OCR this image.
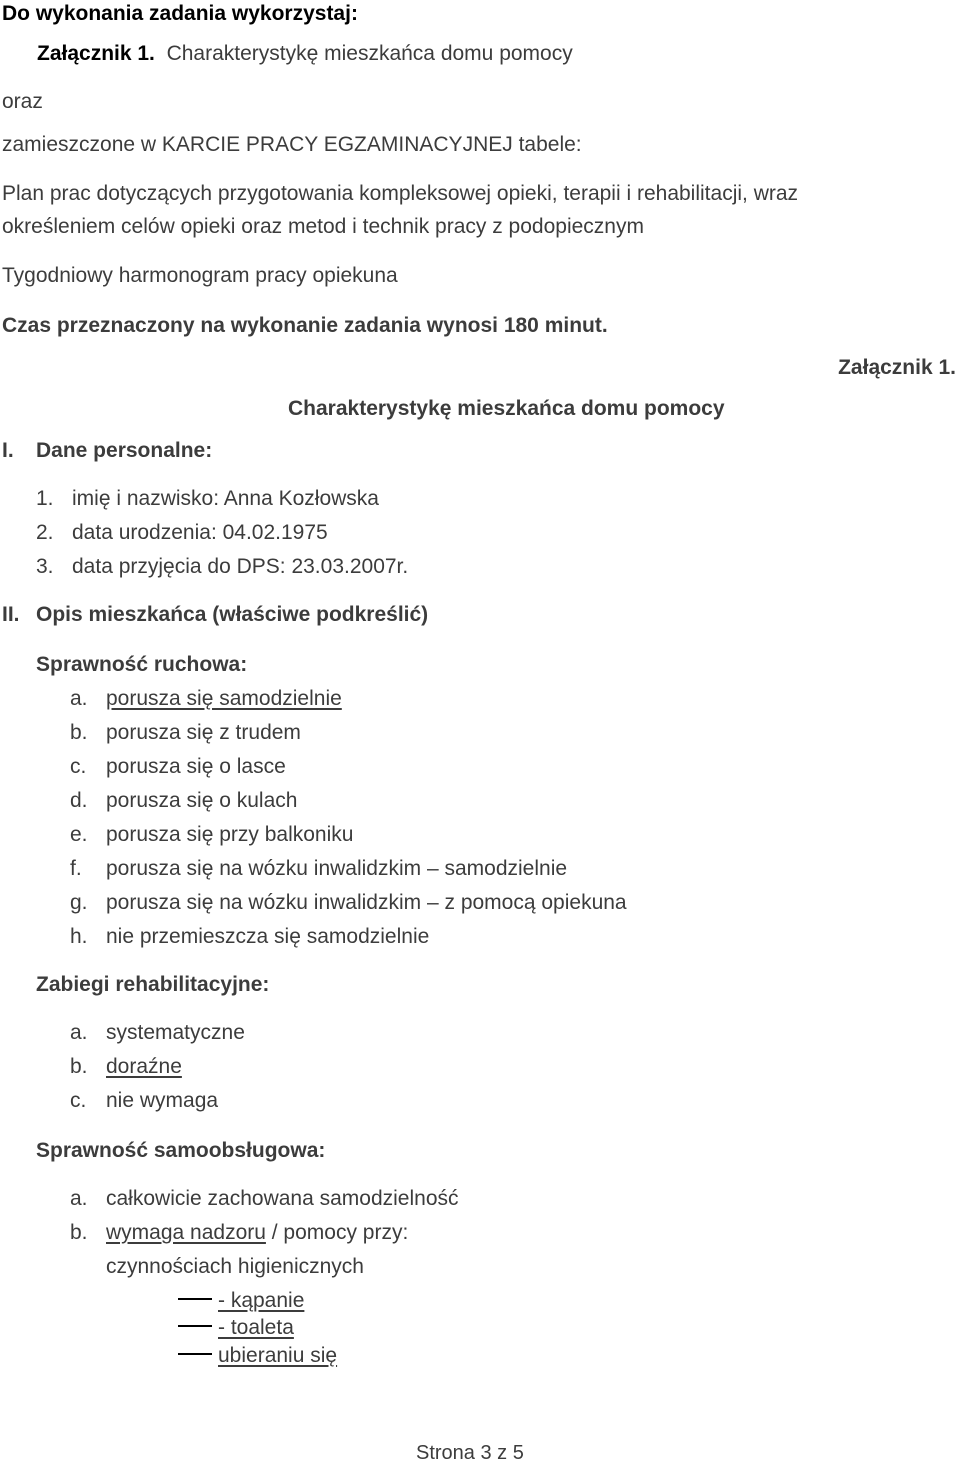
Do wykonania zadania wykorzystaj:
Załącznik 1. Charakterystykę mieszkańca domu pomocy
oraz
zamieszczone w KARCIE PRACY EGZAMINACYJNEJ tabele:
Plan prac dotyczących przygotowania kompleksowej opieki, terapii i rehabilitacji, wraz
określeniem celów opieki oraz metod i technik pracy z podopiecznym
Tygodniowy harmonogram pracy opiekuna
Czas przeznaczony na wykonanie zadania wynosi 180 minut.
Załącznik 1.
Charakterystykę mieszkańca domu pomocy
I. Dane personalne:
1. imię i nazwisko: Anna Kozłowska
2. data urodzenia: 04.02.1975
3. data przyjęcia do DPS: 23.03.2007r.
II. Opis mieszkańca (właściwe podkreślić)
Sprawność ruchowa:
a. porusza się samodzielnie
b. porusza się z trudem
c. porusza się o lasce
d. porusza się o kulach
e. porusza się przy balkoniku
f. porusza się na wózku inwalidzkim – samodzielnie
g. porusza się na wózku inwalidzkim – z pomocą opiekuna
h. nie przemieszcza się samodzielnie
Zabiegi rehabilitacyjne:
a. systematyczne
b. doraźne
c. nie wymaga
Sprawność samoobsługowa:
a. całkowicie zachowana samodzielność
b. wymaga nadzoru / pomocy przy:
czynnościach higienicznych
- kąpanie
- toaleta
ubieraniu się
Strona 3 z 5
